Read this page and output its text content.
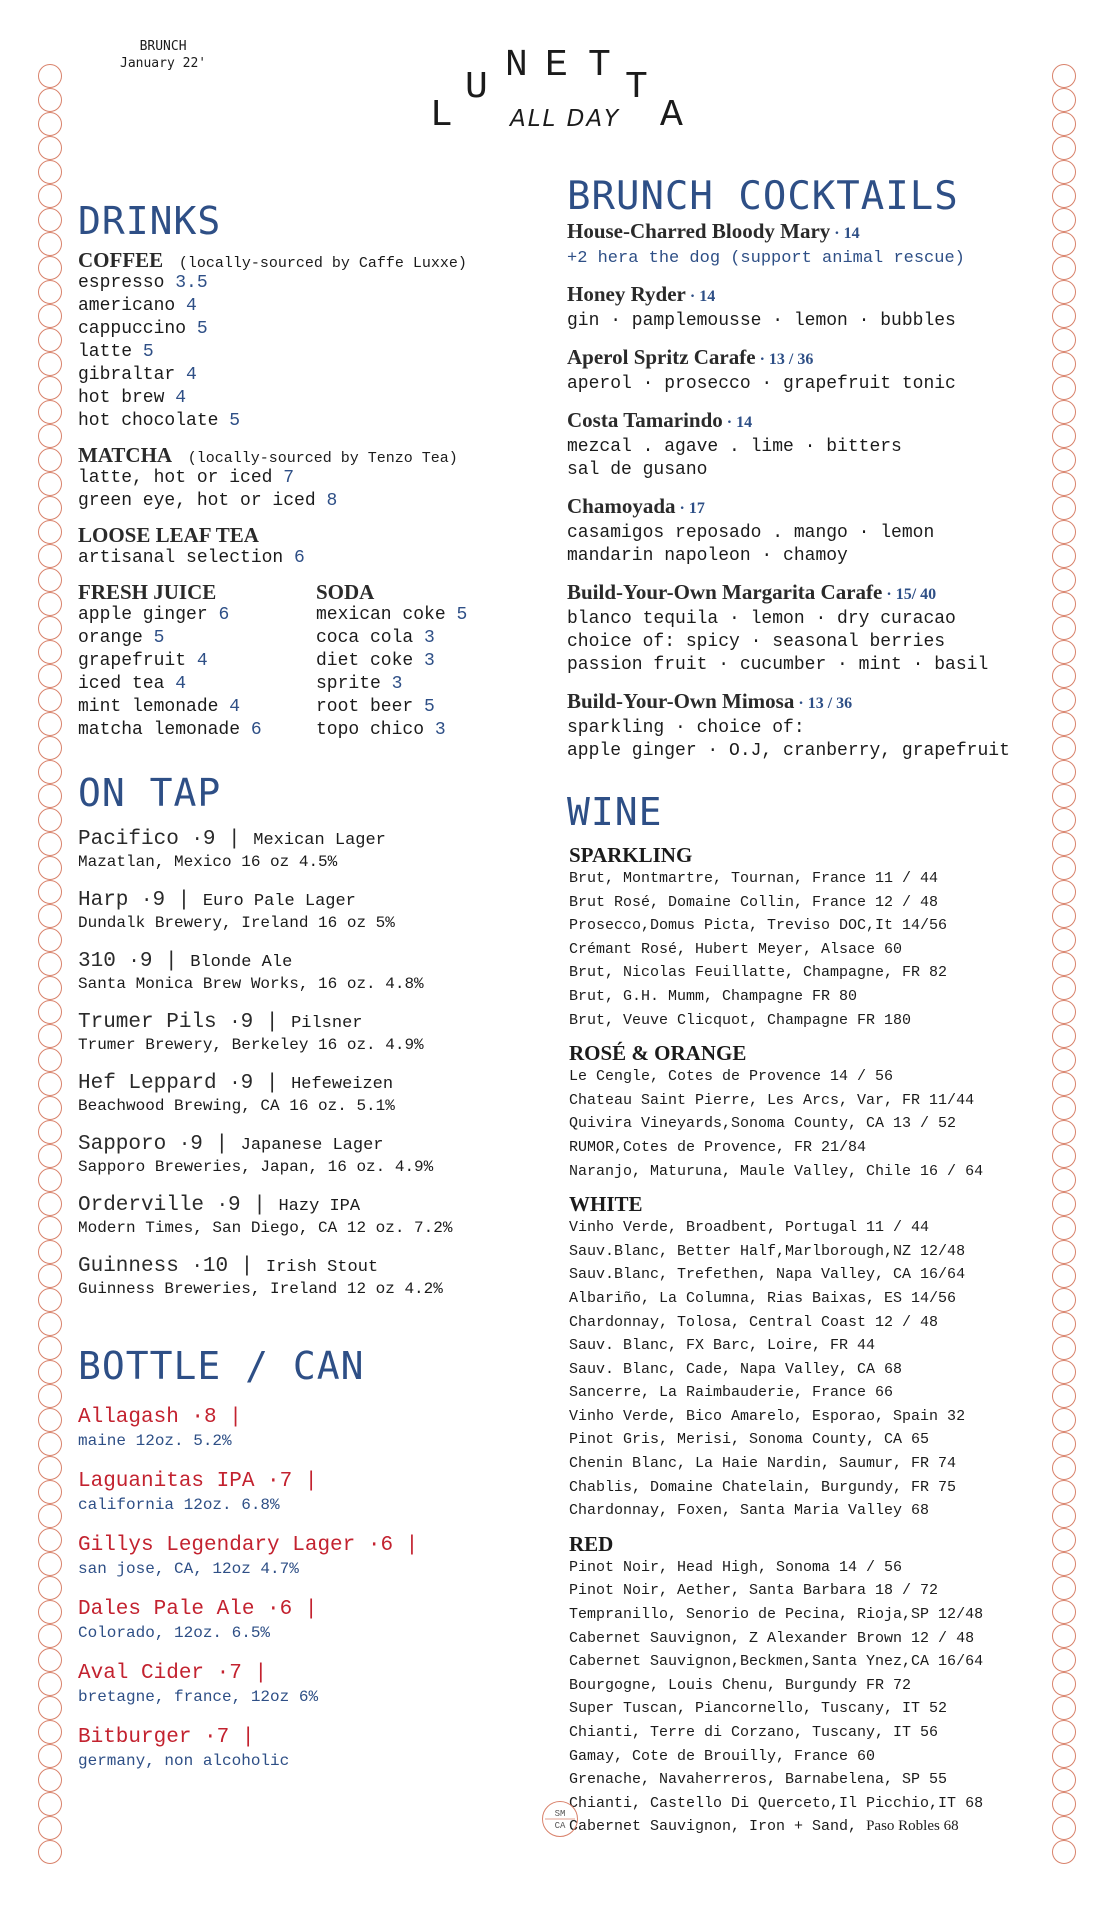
BRUNCH
January 22'
L
U
N E T
T
A
ALL DAY
DRINKS
COFFEE (locally-sourced by Caffe Luxxe)
espresso 3.5
americano 4
cappuccino 5
latte 5
gibraltar 4
hot brew 4
hot chocolate 5
MATCHA (locally-sourced by Tenzo Tea)
latte, hot or iced 7
green eye, hot or iced 8
LOOSE LEAF TEA
artisanal selection 6
FRESH JUICE
apple ginger 6
orange 5
grapefruit 4
iced tea 4
mint lemonade 4
matcha lemonade 6
SODA
mexican coke 5
coca cola 3
diet coke 3
sprite 3
root beer 5
topo chico 3
ON TAP
Pacifico ·9 | Mexican Lager
Mazatlan, Mexico 16 oz 4.5%
Harp ·9 | Euro Pale Lager
Dundalk Brewery, Ireland 16 oz 5%
310 ·9 | Blonde Ale
Santa Monica Brew Works, 16 oz. 4.8%
Trumer Pils ·9 | Pilsner
Trumer Brewery, Berkeley 16 oz. 4.9%
Hef Leppard ·9 | Hefeweizen
Beachwood Brewing, CA 16 oz. 5.1%
Sapporo ·9 | Japanese Lager
Sapporo Breweries, Japan, 16 oz. 4.9%
Orderville ·9 | Hazy IPA
Modern Times, San Diego, CA 12 oz. 7.2%
Guinness ·10 | Irish Stout
Guinness Breweries, Ireland 12 oz 4.2%
BOTTLE / CAN
Allagash ·8 |
maine 12oz. 5.2%
Laguanitas IPA ·7 |
california 12oz. 6.8%
Gillys Legendary Lager ·6 |
san jose, CA, 12oz 4.7%
Dales Pale Ale ·6 |
Colorado, 12oz. 6.5%
Aval Cider ·7 |
bretagne, france, 12oz 6%
Bitburger ·7 |
germany, non alcoholic
BRUNCH COCKTAILS
House-Charred Bloody Mary · 14
+2 hera the dog (support animal rescue)
Honey Ryder · 14
gin · pamplemousse · lemon · bubbles
Aperol Spritz Carafe · 13 / 36
aperol · prosecco · grapefruit tonic
Costa Tamarindo · 14
mezcal . agave . lime · bitters
sal de gusano
Chamoyada · 17
casamigos reposado . mango · lemon
mandarin napoleon · chamoy
Build-Your-Own Margarita Carafe · 15/ 40
blanco tequila · lemon · dry curacao
choice of: spicy · seasonal berries
passion fruit · cucumber · mint · basil
Build-Your-Own Mimosa · 13 / 36
sparkling · choice of:
apple ginger · O.J, cranberry, grapefruit
WINE
SPARKLING
Brut, Montmartre, Tournan, France 11 / 44
Brut Rosé, Domaine Collin, France 12 / 48
Prosecco,Domus Picta, Treviso DOC,It 14/56
Crémant Rosé, Hubert Meyer, Alsace 60
Brut, Nicolas Feuillatte, Champagne, FR 82
Brut, G.H. Mumm, Champagne FR 80
Brut, Veuve Clicquot, Champagne FR 180
ROSÉ & ORANGE
Le Cengle, Cotes de Provence 14 / 56
Chateau Saint Pierre, Les Arcs, Var, FR 11/44
Quivira Vineyards,Sonoma County, CA 13 / 52
RUMOR,Cotes de Provence, FR 21/84
Naranjo, Maturuna, Maule Valley, Chile 16 / 64
WHITE
Vinho Verde, Broadbent, Portugal 11 / 44
Sauv.Blanc, Better Half,Marlborough,NZ 12/48
Sauv.Blanc, Trefethen, Napa Valley, CA 16/64
Albariño, La Columna, Rias Baixas, ES 14/56
Chardonnay, Tolosa, Central Coast 12 / 48
Sauv. Blanc, FX Barc, Loire, FR 44
Sauv. Blanc, Cade, Napa Valley, CA 68
Sancerre, La Raimbauderie, France 66
Vinho Verde, Bico Amarelo, Esporao, Spain 32
Pinot Gris, Merisi, Sonoma County, CA 65
Chenin Blanc, La Haie Nardin, Saumur, FR 74
Chablis, Domaine Chatelain, Burgundy, FR 75
Chardonnay, Foxen, Santa Maria Valley 68
RED
Pinot Noir, Head High, Sonoma 14 / 56
Pinot Noir, Aether, Santa Barbara 18 / 72
Tempranillo, Senorio de Pecina, Rioja,SP 12/48
Cabernet Sauvignon, Z Alexander Brown 12 / 48
Cabernet Sauvignon,Beckmen,Santa Ynez,CA 16/64
Bourgogne, Louis Chenu, Burgundy FR 72
Super Tuscan, Piancornello, Tuscany, IT 52
Chianti, Terre di Corzano, Tuscany, IT 56
Gamay, Cote de Brouilly, France 60
Grenache, Navaherreros, Barnabelena, SP 55
Chianti, Castello Di Querceto,Il Picchio,IT 68
Cabernet Sauvignon, Iron + Sand, Paso Robles 68
SM
CA
